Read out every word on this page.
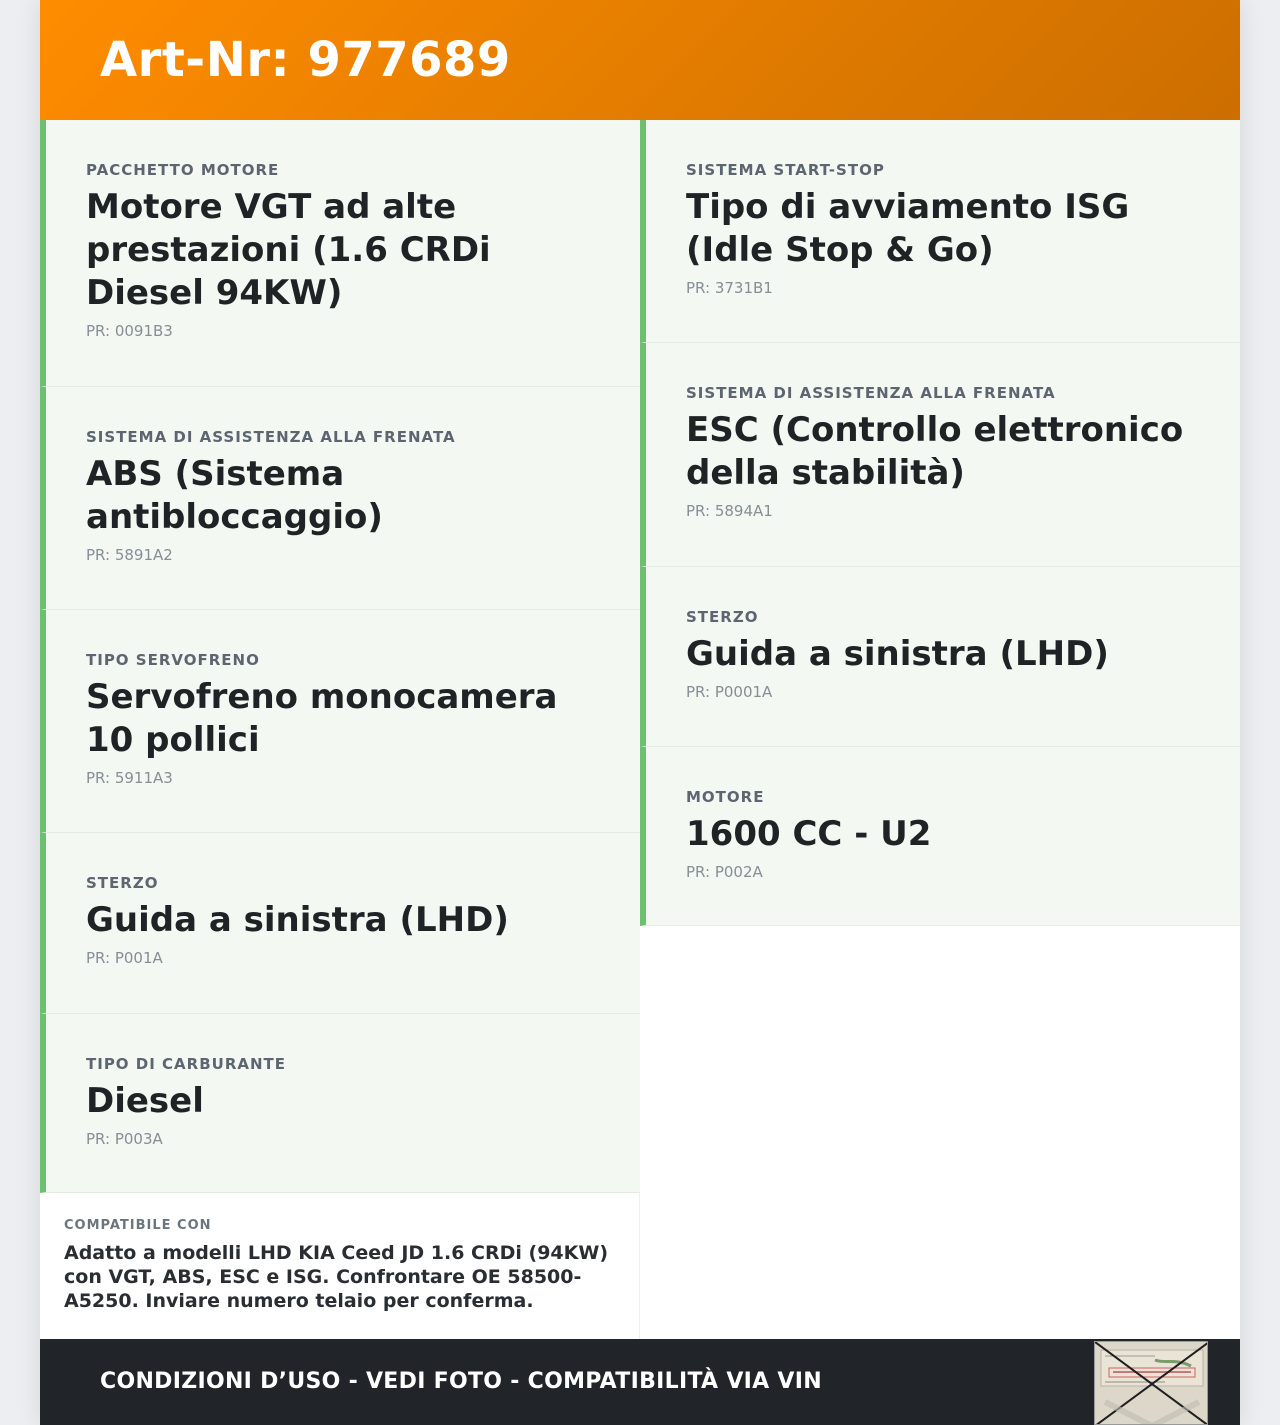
Art-Nr: 977689
PACCHETTO MOTORE
Motore VGT ad alte prestazioni (1.6 CRDi Diesel 94KW)
PR: 0091B3
SISTEMA DI ASSISTENZA ALLA FRENATA
ABS (Sistema antibloccaggio)
PR: 5891A2
TIPO SERVOFRENO
Servofreno monocamera 10 pollici
PR: 5911A3
STERZO
Guida a sinistra (LHD)
PR: P001A
TIPO DI CARBURANTE
Diesel
PR: P003A
SISTEMA START-STOP
Tipo di avviamento ISG (Idle Stop & Go)
PR: 3731B1
SISTEMA DI ASSISTENZA ALLA FRENATA
ESC (Controllo elettronico della stabilità)
PR: 5894A1
STERZO
Guida a sinistra (LHD)
PR: P0001A
MOTORE
1600 CC - U2
PR: P002A
COMPATIBILE CON
Adatto a modelli LHD KIA Ceed JD 1.6 CRDi (94KW) con VGT, ABS, ESC e ISG. Confrontare OE 58500-A5250. Inviare numero telaio per conferma.
CONDIZIONI D’USO - VEDI FOTO - COMPATIBILITÀ VIA VIN
